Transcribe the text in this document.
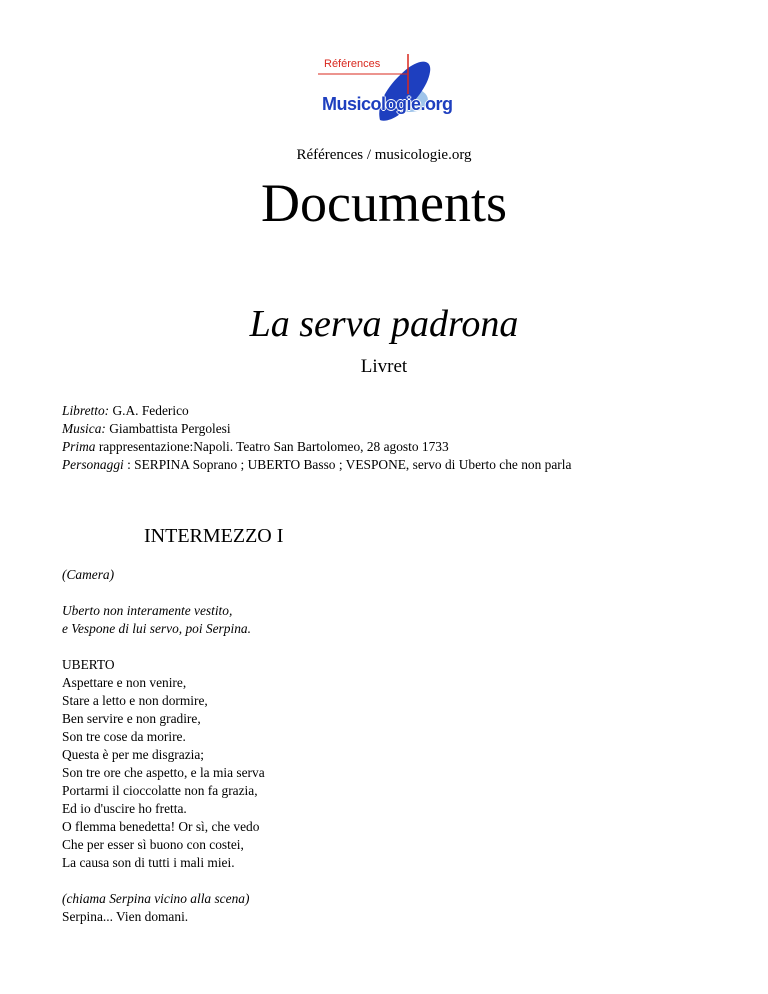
Références
Musicologie.org
Références / musicologie.org
Documents
La serva padrona
Livret
Libretto: G.A. Federico
Musica: Giambattista Pergolesi
Prima rappresentazione:Napoli. Teatro San Bartolomeo, 28 agosto 1733
Personaggi : SERPINA Soprano ; UBERTO Basso ; VESPONE, servo di Uberto che non parla
INTERMEZZO I
(Camera)
Uberto non interamente vestito,
e Vespone di lui servo, poi Serpina.
UBERTO
Aspettare e non venire,
Stare a letto e non dormire,
Ben servire e non gradire,
Son tre cose da morire.
Questa è per me disgrazia;
Son tre ore che aspetto, e la mia serva
Portarmi il cioccolatte non fa grazia,
Ed io d'uscire ho fretta.
O flemma benedetta! Or sì, che vedo
Che per esser sì buono con costei,
La causa son di tutti i mali miei.
(chiama Serpina vicino alla scena)
Serpina... Vien domani.
